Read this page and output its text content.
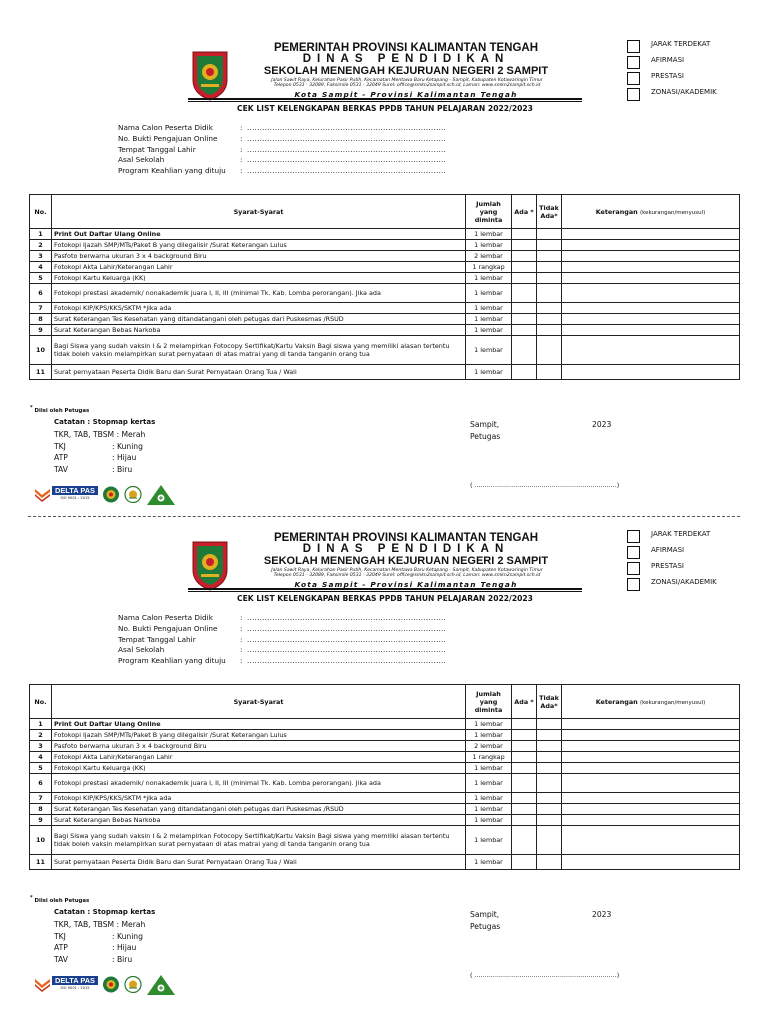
PEMERINTAH PROVINSI KALIMANTAN TENGAH
DINAS PENDIDIKAN
SEKOLAH MENENGAH KEJURUAN NEGERI 2 SAMPIT
Jalan Sawit Raya, Kelurahan Pasir Putih, Kecamatan Mentawa Baru Ketapang - Sampit, Kabupaten Kotawaringin Timur
Telepon 0531 - 32089, Faksimile 0531 - 32049 Surel: office@smkn2sampit.sch.id, Laman: www.smkn2sampit.sch.id
Kota Sampit - Provinsi Kalimantan Tengah
CEK LIST KELENGKAPAN BERKAS PPDB TAHUN PELAJARAN 2022/2023
JARAK TERDEKAT
AFIRMASI
PRESTASI
ZONASI/AKADEMIK
Nama Calon Peserta Didik	: ...............................................................................
No. Bukti Pengajuan Online	: ...............................................................................
Tempat Tanggal Lahir	: ...............................................................................
Asal Sekolah	: ...............................................................................
Program Keahlian yang dituju : ...............................................................................
No.	Syarat-Syarat	Jumlah yang diminta	Ada *	Tidak Ada*	Keterangan (kekurangan/menyusul)
1	Print Out Daftar Ulang Online	1 lembar			
2	Fotokopi Ijazah SMP/MTs/Paket B yang dilegalisir /Surat Keterangan Lulus	1 lembar			
3	Pasfoto berwarna ukuran 3 x 4 background Biru	2 lembar			
4	Fotokopi Akta Lahir/Keterangan Lahir	1 rangkap			
5	Fotokopi Kartu Keluarga (KK)	1 lembar			
6	Fotokopi prestasi akademik/ nonakademik juara I, II, III (minimal Tk. Kab. Lomba perorangan). Jika ada	1 lembar			
7	Fotokopi KIP/KPS/KKS/SKTM *jika ada	1 lembar			
8	Surat Keterangan Tes Kesehatan yang ditandatangani oleh petugas dari Puskesmas /RSUD	1 lembar			
9	Surat Keterangan Bebas Narkoba	1 lembar			
10	Bagi Siswa yang sudah vaksin I & 2 melampirkan Fotocopy Sertifikat/Kartu Vaksin Bagi siswa yang memiliki alasan tertentu tidak boleh vaksin melampirkan surat pernyataan di atas matrai yang di tanda tanganin orang tua	1 lembar			
11	Surat pernyataan Peserta Didik Baru dan Surat Pernyataan Orang Tua / Wali	1 lembar			
* Diisi oleh Petugas
Catatan : Stopmap kertas
TKR, TAB, TBSM : Merah
TKJ	: Kuning
ATP	: Hijau
TAV	: Biru
Sampit,	2023
Petugas
( ......................................................................)
DELTA PAS
ISO 9001 : 2015
PEMERINTAH PROVINSI KALIMANTAN TENGAH
DINAS PENDIDIKAN
SEKOLAH MENENGAH KEJURUAN NEGERI 2 SAMPIT
Jalan Sawit Raya, Kelurahan Pasir Putih, Kecamatan Mentawa Baru Ketapang - Sampit, Kabupaten Kotawaringin Timur
Telepon 0531 - 32089, Faksimile 0531 - 32049 Surel: office@smkn2sampit.sch.id, Laman: www.smkn2sampit.sch.id
Kota Sampit - Provinsi Kalimantan Tengah
CEK LIST KELENGKAPAN BERKAS PPDB TAHUN PELAJARAN 2022/2023
JARAK TERDEKAT
AFIRMASI
PRESTASI
ZONASI/AKADEMIK
Nama Calon Peserta Didik	: ...............................................................................
No. Bukti Pengajuan Online	: ...............................................................................
Tempat Tanggal Lahir	: ...............................................................................
Asal Sekolah	: ...............................................................................
Program Keahlian yang dituju : ...............................................................................
No.	Syarat-Syarat	Jumlah yang diminta	Ada *	Tidak Ada*	Keterangan (kekurangan/menyusul)
1	Print Out Daftar Ulang Online	1 lembar			
2	Fotokopi Ijazah SMP/MTs/Paket B yang dilegalisir /Surat Keterangan Lulus	1 lembar			
3	Pasfoto berwarna ukuran 3 x 4 background Biru	2 lembar			
4	Fotokopi Akta Lahir/Keterangan Lahir	1 rangkap			
5	Fotokopi Kartu Keluarga (KK)	1 lembar			
6	Fotokopi prestasi akademik/ nonakademik juara I, II, III (minimal Tk. Kab. Lomba perorangan). Jika ada	1 lembar			
7	Fotokopi KIP/KPS/KKS/SKTM *jika ada	1 lembar			
8	Surat Keterangan Tes Kesehatan yang ditandatangani oleh petugas dari Puskesmas /RSUD	1 lembar			
9	Surat Keterangan Bebas Narkoba	1 lembar			
10	Bagi Siswa yang sudah vaksin I & 2 melampirkan Fotocopy Sertifikat/Kartu Vaksin Bagi siswa yang memiliki alasan tertentu tidak boleh vaksin melampirkan surat pernyataan di atas matrai yang di tanda tanganin orang tua	1 lembar			
11	Surat pernyataan Peserta Didik Baru dan Surat Pernyataan Orang Tua / Wali	1 lembar			
* Diisi oleh Petugas
Catatan : Stopmap kertas
TKR, TAB, TBSM : Merah
TKJ	: Kuning
ATP	: Hijau
TAV	: Biru
Sampit,	2023
Petugas
( ......................................................................)
DELTA PAS
ISO 9001 : 2015
